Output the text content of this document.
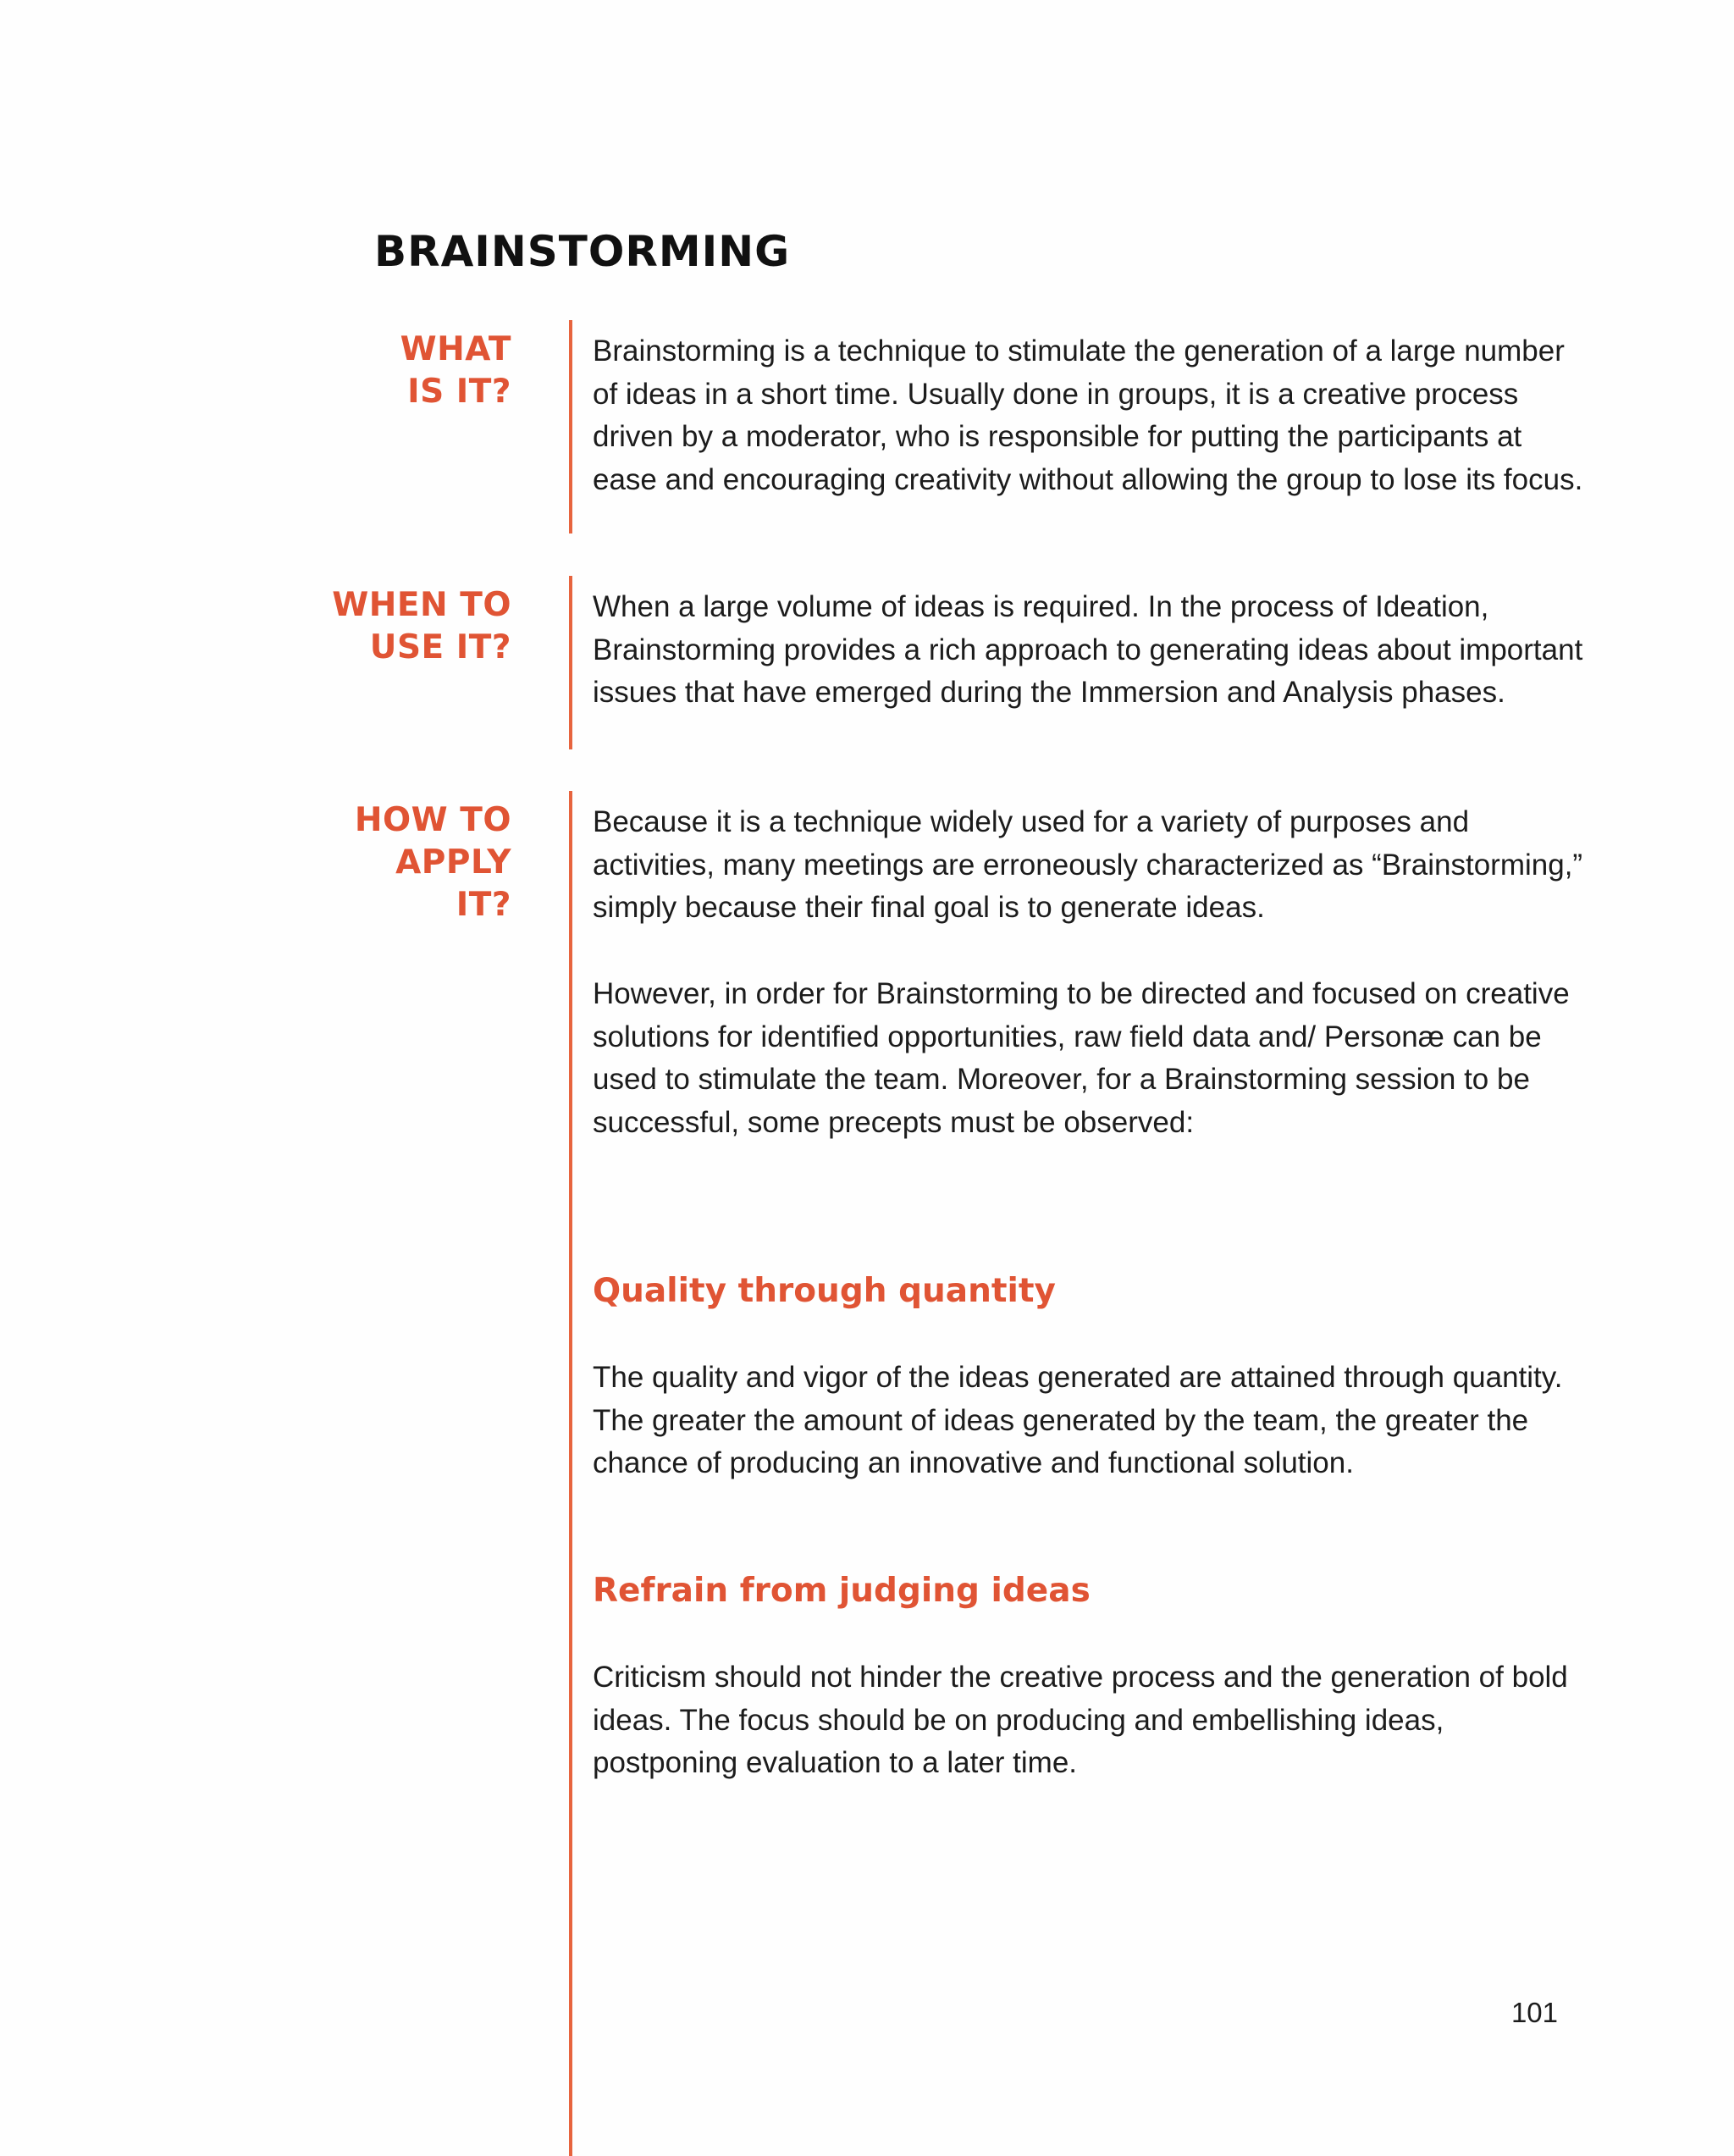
BRAINSTORMING
WHAT
IS IT?

Brainstorming is a technique to stimulate the generation of a large number of ideas in a short time. Usually done in groups, it is a creative process driven by a moderator, who is responsible for putting the participants at ease and encouraging creativity without allowing the group to lose its focus.

WHEN TO
USE IT?

When a large volume of ideas is required. In the process of Ideation, Brainstorming provides a rich approach to generating ideas about important issues that have emerged during the Immersion and Analysis phases.

HOW TO
APPLY
IT?

Because it is a technique widely used for a variety of purposes and activities, many meetings are erroneously characterized as “Brainstorming,” simply because their final goal is to generate ideas.

However, in order for Brainstorming to be directed and focused on creative solutions for identified opportunities, raw field data and/ Personæ can be used to stimulate the team. Moreover, for a Brainstorming session to be successful, some precepts must be observed:

Quality through quantity

The quality and vigor of the ideas generated are attained through quantity. The greater the amount of ideas generated by the team, the greater the chance of producing an innovative and functional solution.

Refrain from judging ideas

Criticism should not hinder the creative process and the generation of bold ideas. The focus should be on producing and embellishing ideas, postponing evaluation to a later time.

101
